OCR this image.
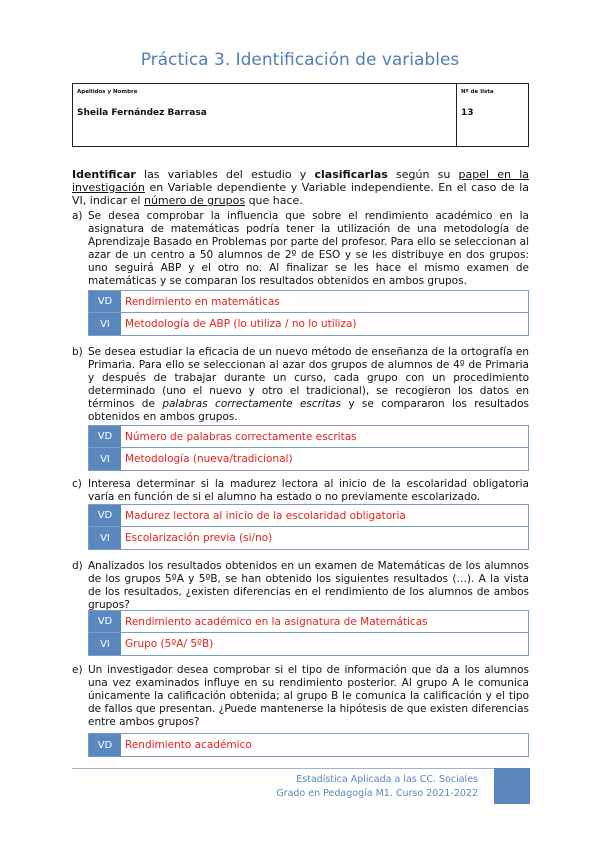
Práctica 3. Identificación de variables
Apellidos y Nombre
Sheila Fernández Barrasa
Nº de lista
13
Identificar las variables del estudio y clasificarlas según su papel en la investigación en Variable dependiente y Variable independiente. En el caso de la VI, indicar el número de grupos que hace.
a) Se desea comprobar la influencia que sobre el rendimiento académico en la asignatura de matemáticas podría tener la utilización de una metodología de Aprendizaje Basado en Problemas por parte del profesor. Para ello se seleccionan al azar de un centro a 50 alumnos de 2º de ESO y se les distribuye en dos grupos: uno seguirá ABP y el otro no. Al finalizar se les hace el mismo examen de matemáticas y se comparan los resultados obtenidos en ambos grupos.
VD	Rendimiento en matemáticas
VI	Metodología de ABP (lo utiliza / no lo utiliza)
b) Se desea estudiar la eficacia de un nuevo método de enseñanza de la ortografía en Primaria. Para ello se seleccionan al azar dos grupos de alumnos de 4º de Primaria y después de trabajar durante un curso, cada grupo con un procedimiento determinado (uno el nuevo y otro el tradicional), se recogieron los datos en términos de palabras correctamente escritas y se compararon los resultados obtenidos en ambos grupos.
VD	Número de palabras correctamente escritas
VI	Metodología (nueva/tradicional)
c) Interesa determinar si la madurez lectora al inicio de la escolaridad obligatoria varía en función de si el alumno ha estado o no previamente escolarizado.
VD	Madurez lectora al inicio de la escolaridad obligatoria
VI	Escolarización previa (si/no)
d) Analizados los resultados obtenidos en un examen de Matemáticas de los alumnos de los grupos 5ºA y 5ºB, se han obtenido los siguientes resultados (…). A la vista de los resultados, ¿existen diferencias en el rendimiento de los alumnos de ambos grupos?
VD	Rendimiento académico en la asignatura de Matemáticas
VI	Grupo (5ºA/ 5ºB)
e) Un investigador desea comprobar si el tipo de información que da a los alumnos una vez examinados influye en su rendimiento posterior. Al grupo A le comunica únicamente la calificación obtenida; al grupo B le comunica la calificación y el tipo de fallos que presentan. ¿Puede mantenerse la hipótesis de que existen diferencias entre ambos grupos?
VD	Rendimiento académico
Estadística Aplicada a las CC. Sociales
Grado en Pedagogía M1. Curso 2021-2022
